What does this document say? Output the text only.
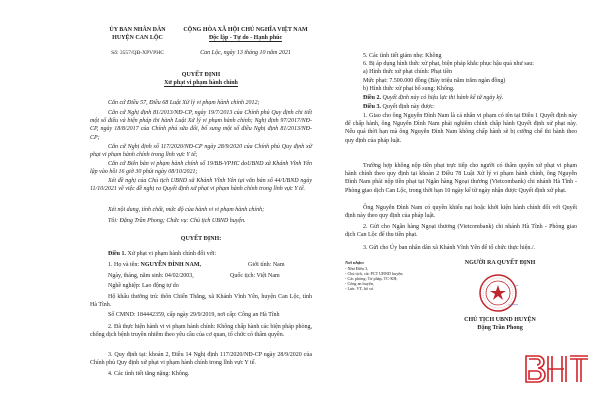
ỦY BAN NHÂN DÂN
HUYỆN CAN LỘC
Số: 3557/QĐ-XPVPHC
CỘNG HÒA XÃ HỘI CHỦ NGHĨA VIỆT NAM
Độc lập - Tự do - Hạnh phúc
Can Lộc, ngày 13 tháng 10 năm 2021
QUYẾT ĐỊNH
Xử phạt vi phạm hành chính
Căn cứ Điều 57, Điều 68 Luật Xử lý vi phạm hành chính 2012;
Căn cứ Nghị định 81/2013/NĐ-CP, ngày 19/7/2013 của Chính phủ Quy định chi tiết một số điều và biện pháp thi hành Luật Xử lý vi phạm hành chính; Nghị định 97/2017/NĐ-CP, ngày 18/8/2017 của Chính phủ sửa đổi, bổ sung một số điều Nghị định 81/2013/NĐ-CP;
Căn cứ Nghị định số 117/2020/NĐ-CP ngày 28/9/2020 của Chính phủ Quy định xử phạt vi phạm hành chính trong lĩnh vực Y tế;
Căn cứ Biên bản vi phạm hành chính số 19/BB-VPHC doUBND xã Khánh Vĩnh Yên lập vào hồi 16 giờ 30 phút ngày 08/10/2021;
Xét đề nghị của Chủ tịch UBND xã Khánh Vĩnh Yên tại văn bản số 44/UBND ngày 11/10/2021 về việc đề nghị ra Quyết định xử phạt vi phạm hành chính trong lĩnh vực Y tế.
Xét nội dung, tính chất, mức độ của hành vi vi phạm hành chính;
Tôi: Đặng Trần Phong; Chức vụ: Chủ tịch UBND huyện.
QUYẾT ĐỊNH:
Điều 1. Xử phạt vi phạm hành chính đối với:
1. Họ và tên: NGUYỄN ĐÌNH NAM,	Giới tính: Nam
Ngày, tháng, năm sinh: 04/02/2003,	Quốc tịch: Việt Nam
Nghề nghiệp: Lao động tự do
Hộ khẩu thường trú: thôn Chiến Thắng, xã Khánh Vĩnh Yên, huyện Can Lộc, tỉnh Hà Tĩnh.
Số CMND: 184442359, cấp ngày 29/9/2019, nơi cấp: Công an Hà Tĩnh
2. Đã thực hiện hành vi vi phạm hành chính: Không chấp hành các biện pháp phòng, chống dịch bệnh truyền nhiễm theo yêu cầu của cơ quan, tổ chức có thẩm quyền.
3. Quy định tại: khoản 2, Điều 14 Nghị định 117/2020/NĐ-CP ngày 28/9/2020 của Chính phủ Quy định xử phạt vi phạm hành chính trong lĩnh vực Y tế.
4. Các tình tiết tăng nặng: Không.
5. Các tình tiết giảm nhẹ: Không
6. Bị áp dụng hình thức xử phạt, biện pháp khắc phục hậu quả như sau:
a) Hình thức xử phạt chính: Phạt tiền
Mức phạt: 7.500.000 đồng (Bảy triệu năm trăm ngàn đồng)
b) Hình thức xử phạt bổ sung: Không.
Điều 2. Quyết định này có hiệu lực thi hành kể từ ngày ký.
Điều 3. Quyết định này được:
1. Giao cho ông Nguyễn Đình Nam là cá nhân vi phạm có tên tại Điều 1 Quyết định này để chấp hành, ông Nguyễn Đình Nam phải nghiêm chỉnh chấp hành Quyết định xử phạt này. Nếu quá thời hạn mà ông Nguyễn Đình Nam không chấp hành sẽ bị cưỡng chế thi hành theo quy định của pháp luật.
Trường hợp không nộp tiền phạt trực tiếp cho người có thẩm quyền xử phạt vi phạm hành chính theo quy định tại khoản 2 Điều 78 Luật Xử lý vi phạm hành chính, ông Nguyễn Đình Nam phải nộp tiền phạt tại Ngân hàng Ngoại thương (Vietcombank) chi nhánh Hà Tĩnh - Phòng giao dịch Can Lộc, trong thời hạn 10 ngày kể từ ngày nhận được Quyết định xử phạt.
Ông Nguyễn Đình Nam có quyền khiếu nại hoặc khởi kiện hành chính đối với Quyết định này theo quy định của pháp luật.
2. Gửi cho Ngân hàng Ngoại thương (Vietcombank) chi nhánh Hà Tĩnh - Phòng giao dịch Can Lộc để thu tiền phạt.
3. Gửi cho Ủy ban nhân dân xã Khánh Vĩnh Yên để tổ chức thực hiện./.
Nơi nhận:
- Như Điều 3,
- Chủ tịch, các PCT UBND huyện;
- Các phòng: Tư pháp, TC-KH;
- Công an huyện,
- Lưu: VT, hồ sơ.
NGƯỜI RA QUYẾT ĐỊNH
CHỦ TỊCH UBND HUYỆN
Đặng Trần Phong
